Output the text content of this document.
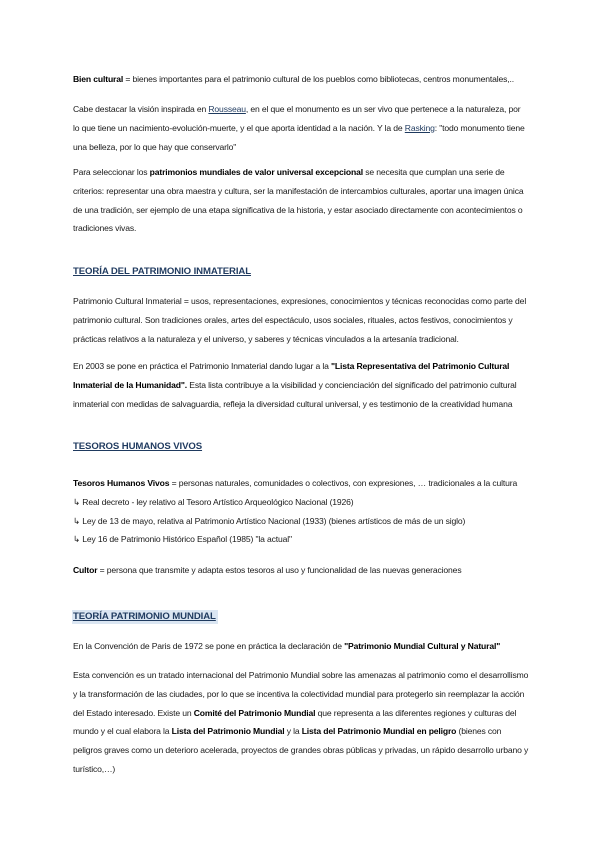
Bien cultural = bienes importantes para el patrimonio cultural de los pueblos como bibliotecas, centros monumentales,..

Cabe destacar la visión inspirada en Rousseau, en el que el monumento es un ser vivo que pertenece a la naturaleza, por lo que tiene un nacimiento-evolución-muerte, y el que aporta identidad a la nación. Y la de Rasking: "todo monumento tiene una belleza, por lo que hay que conservarlo"

Para seleccionar los patrimonios mundiales de valor universal excepcional se necesita que cumplan una serie de criterios: representar una obra maestra y cultura, ser la manifestación de intercambios culturales, aportar una imagen única de una tradición, ser ejemplo de una etapa significativa de la historia, y estar asociado directamente con acontecimientos o tradiciones vivas.

TEORÍA DEL PATRIMONIO INMATERIAL

Patrimonio Cultural Inmaterial = usos, representaciones, expresiones, conocimientos y técnicas reconocidas como parte del patrimonio cultural. Son tradiciones orales, artes del espectáculo, usos sociales, rituales, actos festivos, conocimientos y prácticas relativos a la naturaleza y el universo, y saberes y técnicas vinculados a la artesanía tradicional.

En 2003 se pone en práctica el Patrimonio Inmaterial dando lugar a la "Lista Representativa del Patrimonio Cultural Inmaterial de la Humanidad". Esta lista contribuye a la visibilidad y concienciación del significado del patrimonio cultural inmaterial con medidas de salvaguardia, refleja la diversidad cultural universal, y es testimonio de la creatividad humana

TESOROS HUMANOS VIVOS

Tesoros Humanos Vivos = personas naturales, comunidades o colectivos, con expresiones, … tradicionales a la cultura
↳ Real decreto - ley relativo al Tesoro Artístico Arqueológico Nacional (1926)
↳ Ley de 13 de mayo, relativa al Patrimonio Artístico Nacional (1933) (bienes artísticos de más de un siglo)
↳ Ley 16 de Patrimonio Histórico Español (1985) "la actual"

Cultor = persona que transmite y adapta estos tesoros al uso y funcionalidad de las nuevas generaciones

TEORÍA PATRIMONIO MUNDIAL

En la Convención de Paris de 1972 se pone en práctica la declaración de "Patrimonio Mundial Cultural y Natural"

Esta convención es un tratado internacional del Patrimonio Mundial sobre las amenazas al patrimonio como el desarrollismo y la transformación de las ciudades, por lo que se incentiva la colectividad mundial para protegerlo sin reemplazar la acción del Estado interesado. Existe un Comité del Patrimonio Mundial que representa a las diferentes regiones y culturas del mundo y el cual elabora la Lista del Patrimonio Mundial y la Lista del Patrimonio Mundial en peligro (bienes con peligros graves como un deterioro acelerada, proyectos de grandes obras públicas y privadas, un rápido desarrollo urbano y turístico,…)
